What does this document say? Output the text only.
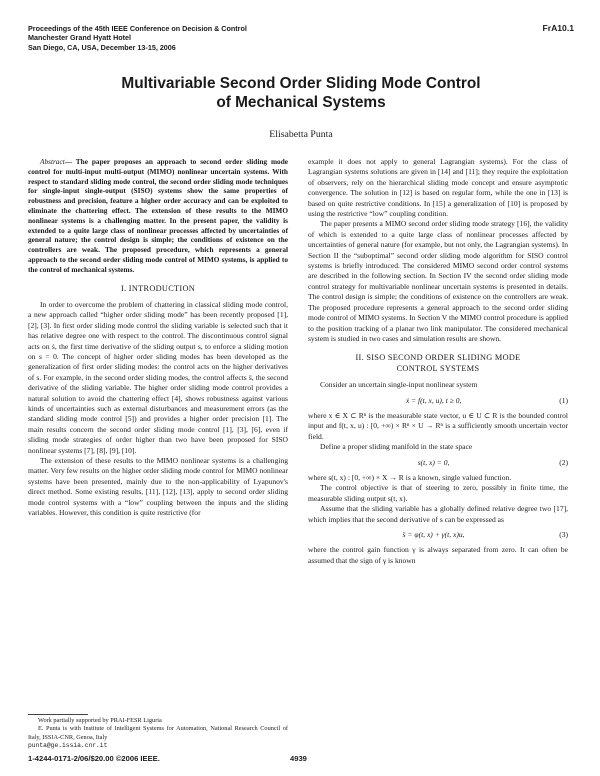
Proceedings of the 45th IEEE Conference on Decision & Control
Manchester Grand Hyatt Hotel
San Diego, CA, USA, December 13-15, 2006
FrA10.1
Multivariable Second Order Sliding Mode Control
of Mechanical Systems
Elisabetta Punta

Abstract— The paper proposes an approach to second order sliding mode control for multi-input multi-output (MIMO) nonlinear uncertain systems. With respect to standard sliding mode control, the second order sliding mode techniques for single-input single-output (SISO) systems show the same properties of robustness and precision, feature a higher order accuracy and can be exploited to eliminate the chattering effect. The extension of these results to the MIMO nonlinear systems is a challenging matter. In the present paper, the validity is extended to a quite large class of nonlinear processes affected by uncertainties of general nature; the control design is simple; the conditions of existence on the controllers are weak. The proposed procedure, which represents a general approach to the second order sliding mode control of MIMO systems, is applied to the control of mechanical systems.

I. INTRODUCTION

In order to overcome the problem of chattering in classical sliding mode control, a new approach called “higher order sliding mode” has been recently proposed [1], [2], [3]. In first order sliding mode control the sliding variable is selected such that it has relative degree one with respect to the control. The discontinuous control signal acts on ṡ, the first time derivative of the sliding output s, to enforce a sliding motion on s = 0. The concept of higher order sliding modes has been developed as the generalization of first order sliding modes: the control acts on the higher derivatives of s. For example, in the second order sliding modes, the control affects s̈, the second derivative of the sliding variable. The higher order sliding mode control provides a natural solution to avoid the chattering effect [4], shows robustness against various kinds of uncertainties such as external disturbances and measurement errors (as the standard sliding mode control [5]) and provides a higher order precision [1]. The main results concern the second order sliding mode control [1], [3], [6], even if sliding mode strategies of order higher than two have been proposed for SISO nonlinear systems [7], [8], [9], [10].

The extension of these results to the MIMO nonlinear systems is a challenging matter. Very few results on the higher order sliding mode control for MIMO nonlinear systems have been presented, mainly due to the non-applicability of Lyapunov's direct method. Some existing results, [11], [12], [13], apply to second order sliding mode control systems with a “low” coupling between the inputs and the sliding variables. However, this condition is quite restrictive (for

example it does not apply to general Lagrangian systems). For the class of Lagrangian systems solutions are given in [14] and [11]; they require the exploitation of observers, rely on the hierarchical sliding mode concept and ensure asymptotic convergence. The solution in [12] is based on regular form, while the one in [13] is based on quite restrictive conditions. In [15] a generalization of [10] is proposed by using the restrictive “low” coupling condition.

The paper presents a MIMO second order sliding mode strategy [16], the validity of which is extended to a quite large class of nonlinear processes affected by uncertainties of general nature (for example, but not only, the Lagrangian systems). In Section II the “suboptimal” second order sliding mode algorithm for SISO control systems is briefly introduced. The considered MIMO second order control systems are described in the following section. In Section IV the second order sliding mode control strategy for multivariable nonlinear uncertain systems is presented in details. The control design is simple; the conditions of existence on the controllers are weak. The proposed procedure represents a general approach to the second order sliding mode control of MIMO systems. In Section V the MIMO control procedure is applied to the position tracking of a planar two link manipulator. The considered mechanical system is studied in two cases and simulation results are shown.

II. SISO SECOND ORDER SLIDING MODE
CONTROL SYSTEMS

Consider an uncertain single-input nonlinear system

ẋ = f(t, x, u), t ≥ 0,	(1)

where x ∈ X ⊂ Rⁿ is the measurable state vector, u ∈ U ⊂ R is the bounded control input and f(t, x, u) : [0, +∞) × Rⁿ × U → Rⁿ is a sufficiently smooth uncertain vector field.

Define a proper sliding manifold in the state space

s(t, x) = 0,	(2)

where s(t, x) : [0, +∞) × X → R is a known, single valued function.

The control objective is that of steering to zero, possibly in finite time, the measurable sliding output s(t, x).

Assume that the sliding variable has a globally defined relative degree two [17], which implies that the second derivative of s can be expressed as

s̈ = φ(t, x) + γ(t, x)u,	(3)

where the control gain function γ is always separated from zero. It can often be assumed that the sign of γ is known

Work partially supported by PRAI-FESR Liguria

E. Punta is with Institute of Intelligent Systems for Automation, National Research Council of Italy, ISSIA-CNR, Genoa, Italy

punta@ge.issia.cnr.it

1-4244-0171-2/06/$20.00 ©2006 IEEE.	4939
